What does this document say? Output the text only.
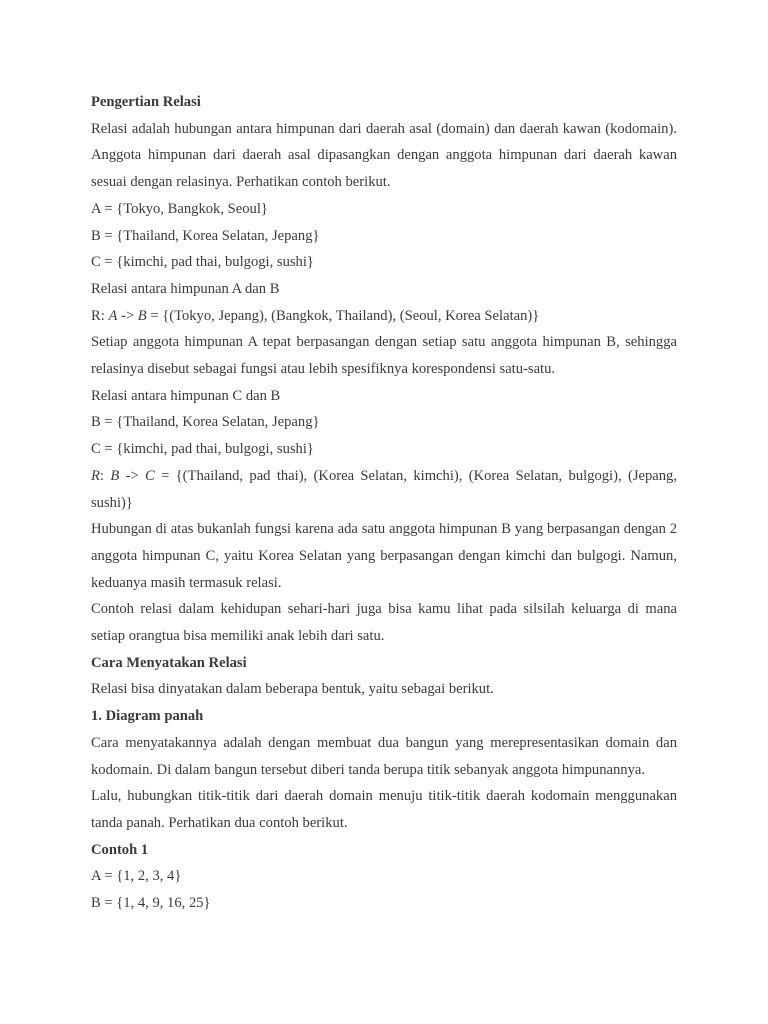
Pengertian Relasi

Relasi adalah hubungan antara himpunan dari daerah asal (domain) dan daerah kawan (kodomain). Anggota himpunan dari daerah asal dipasangkan dengan anggota himpunan dari daerah kawan sesuai dengan relasinya. Perhatikan contoh berikut.

A = {Tokyo, Bangkok, Seoul}

B = {Thailand, Korea Selatan, Jepang}

C = {kimchi, pad thai, bulgogi, sushi}

Relasi antara himpunan A dan B

R: A -> B = {(Tokyo, Jepang), (Bangkok, Thailand), (Seoul, Korea Selatan)}

Setiap anggota himpunan A tepat berpasangan dengan setiap satu anggota himpunan B, sehingga relasinya disebut sebagai fungsi atau lebih spesifiknya korespondensi satu-satu.

Relasi antara himpunan C dan B

B = {Thailand, Korea Selatan, Jepang}

C = {kimchi, pad thai, bulgogi, sushi}

R: B -> C = {(Thailand, pad thai), (Korea Selatan, kimchi), (Korea Selatan, bulgogi), (Jepang, sushi)}

Hubungan di atas bukanlah fungsi karena ada satu anggota himpunan B yang berpasangan dengan 2 anggota himpunan C, yaitu Korea Selatan yang berpasangan dengan kimchi dan bulgogi. Namun, keduanya masih termasuk relasi.

Contoh relasi dalam kehidupan sehari-hari juga bisa kamu lihat pada silsilah keluarga di mana setiap orangtua bisa memiliki anak lebih dari satu.

Cara Menyatakan Relasi

Relasi bisa dinyatakan dalam beberapa bentuk, yaitu sebagai berikut.

1. Diagram panah

Cara menyatakannya adalah dengan membuat dua bangun yang merepresentasikan domain dan kodomain. Di dalam bangun tersebut diberi tanda berupa titik sebanyak anggota himpunannya.

Lalu, hubungkan titik-titik dari daerah domain menuju titik-titik daerah kodomain menggunakan tanda panah. Perhatikan dua contoh berikut.

Contoh 1

A = {1, 2, 3, 4}

B = {1, 4, 9, 16, 25}
